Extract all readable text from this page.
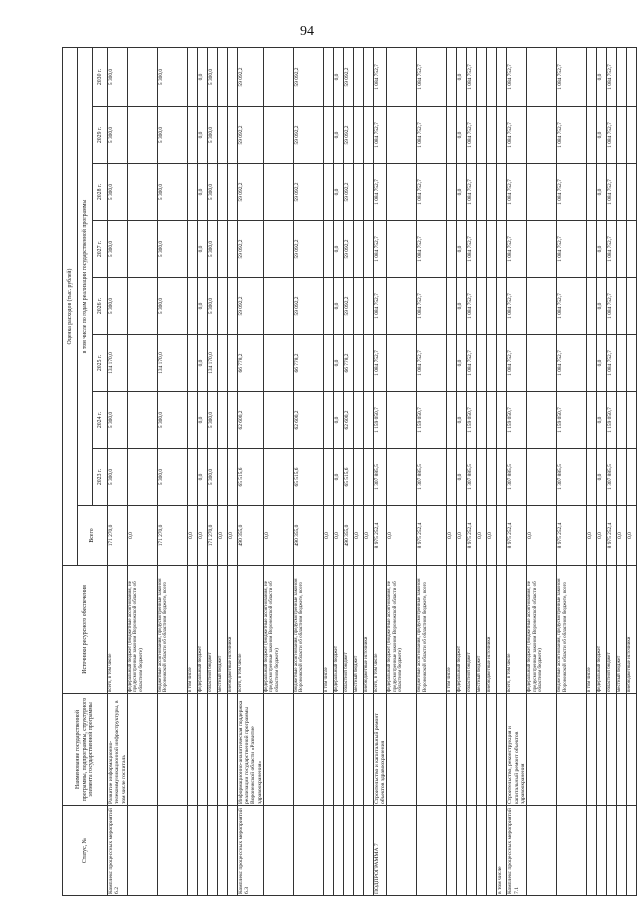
94
Статус, №	Наименование государственной программы, подпрограммы, структурного элемента государственной программы	Источники ресурсного обеспечения	Оценка расходов (тыс. рублей)								
			Всего	в том числе по годам реализации государственной программы							
				2023 г.	2024 г.	2025 г.	2026 г.	2027 г.	2028 г.	2029 г.	2030 г.
Комплекс процессных мероприятий 6.2	Развитие информационно-телекоммуникационной инфраструктуры, в том числе госпиталь	всего, в том числе	171 270,0	5 300,0	5 300,0	134 170,0	5 300,0	5 300,0	5 300,0	5 300,0	5 300,0
		федеральный бюджет (бюджетные ассигнования, не предусмотренные законом Воронежской области об областном бюджете)	0,0								
		бюджетные ассигнования, предусмотренные законом Воронежской области об областном бюджете, всего	171 270,0	5 300,0	5 300,0	134 170,0	5 300,0	5 300,0	5 300,0	5 300,0	5 300,0
		в том числе	0,0								
		федеральный бюджет	0,0	0,0	0,0	0,0	0,0	0,0	0,0	0,0	0,0
		областной бюджет	171 270,0	5 300,0	5 300,0	134 170,0	5 300,0	5 300,0	5 300,0	5 300,0	5 300,0
		местный бюджет	0,0								
		внебюджетные источники	0,0								
Комплекс процессных мероприятий 6.3	Информационно-аналитическая поддержка реализации государственной программы Воронежской области «Развитие здравоохранения»	всего, в том числе	490 355,0	65 515,6	62 600,2	66 778,2	59 092,2	59 092,2	59 092,2	59 092,2	59 092,2
		федеральный бюджет (бюджетные ассигнования, не предусмотренные законом Воронежской области об областном бюджете)	0,0								
		бюджетные ассигнования, предусмотренные законом Воронежской области об областном бюджете, всего	490 355,0	65 515,6	62 600,2	66 778,2	59 092,2	59 092,2	59 092,2	59 092,2	59 092,2
		в том числе	0,0								
		федеральный бюджет	0,0	0,0	0,0	0,0	0,0	0,0	0,0	0,0	0,0
		областной бюджет	490 355,0	65 515,6	62 600,2	66 778,2	59 092,2	59 092,2	59 092,2	59 092,2	59 092,2
		местный бюджет	0,0								
		внебюджетные источники	0,0								
ПОДПРОГРАММА 7	Строительство и капитальный ремонт объектов здравоохранения	всего, в том числе	8 975 252,4	1 307 885,5	1 159 050,7	1 084 752,7	1 084 752,7	1 084 752,7	1 084 752,7	1 084 752,7	1 084 752,7
		федеральный бюджет (бюджетные ассигнования, не предусмотренные законом Воронежской области об областном бюджете)	0,0								
		бюджетные ассигнования, предусмотренные законом Воронежской области об областном бюджете, всего	8 975 252,4	1 307 885,5	1 159 050,7	1 084 752,7	1 084 752,7	1 084 752,7	1 084 752,7	1 084 752,7	1 084 752,7
		в том числе	0,0								
		федеральный бюджет	0,0	0,0	0,0	0,0	0,0	0,0	0,0	0,0	0,0
		областной бюджет	8 975 252,4	1 307 885,5	1 159 050,7	1 084 752,7	1 084 752,7	1 084 752,7	1 084 752,7	1 084 752,7	1 084 752,7
		местный бюджет	0,0								
		внебюджетные источники	0,0								
в том числе											
Комплекс процессных мероприятий 7.1	Строительство, реконструкция и капитальный ремонт объектов здравоохранения	всего, в том числе	8 975 252,4	1 307 885,5	1 159 050,7	1 084 752,7	1 084 752,7	1 084 752,7	1 084 752,7	1 084 752,7	1 084 752,7
		федеральный бюджет (бюджетные ассигнования, не предусмотренные законом Воронежской области об областном бюджете)	0,0								
		бюджетные ассигнования, предусмотренные законом Воронежской области об областном бюджете, всего	8 975 252,4	1 307 885,5	1 159 050,7	1 084 752,7	1 084 752,7	1 084 752,7	1 084 752,7	1 084 752,7	1 084 752,7
		в том числе	0,0								
		федеральный бюджет	0,0	0,0	0,0	0,0	0,0	0,0	0,0	0,0	0,0
		областной бюджет	8 975 252,4	1 307 885,5	1 159 050,7	1 084 752,7	1 084 752,7	1 084 752,7	1 084 752,7	1 084 752,7	1 084 752,7
		местный бюджет	0,0								
		внебюджетные источники	0,0								
